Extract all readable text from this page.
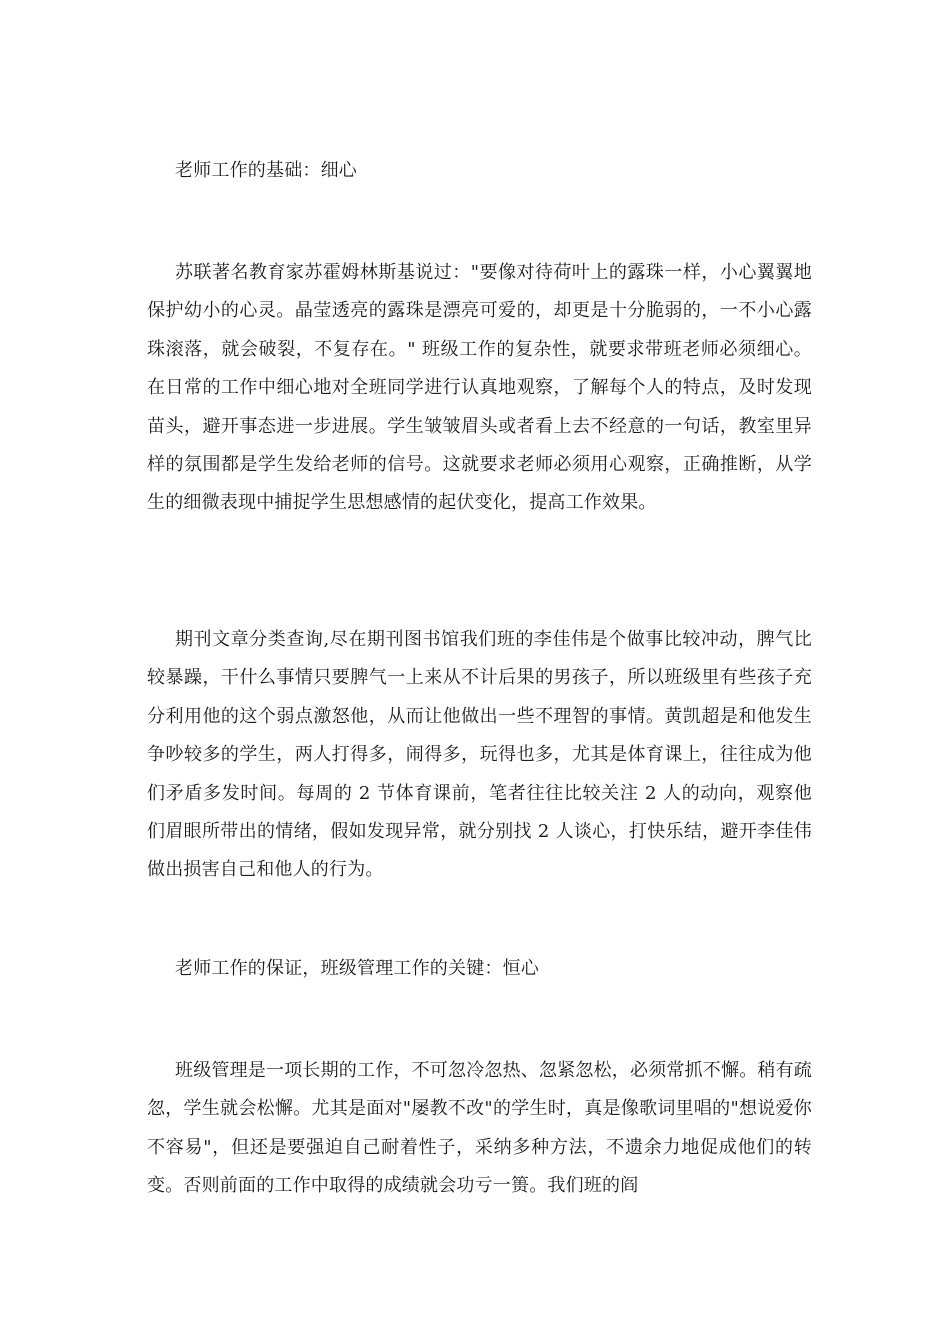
老师工作的基础：细心

苏联著名教育家苏霍姆林斯基说过："要像对待荷叶上的露珠一样，小心翼翼地保护幼小的心灵。晶莹透亮的露珠是漂亮可爱的，却更是十分脆弱的，一不小心露珠滚落，就会破裂，不复存在。" 班级工作的复杂性，就要求带班老师必须细心。在日常的工作中细心地对全班同学进行认真地观察，了解每个人的特点，及时发现苗头，避开事态进一步进展。学生皱皱眉头或者看上去不经意的一句话，教室里异样的氛围都是学生发给老师的信号。这就要求老师必须用心观察，正确推断，从学生的细微表现中捕捉学生思想感情的起伏变化，提高工作效果。

期刊文章分类查询,尽在期刊图书馆我们班的李佳伟是个做事比较冲动，脾气比较暴躁，干什么事情只要脾气一上来从不计后果的男孩子，所以班级里有些孩子充分利用他的这个弱点激怒他，从而让他做出一些不理智的事情。黄凯超是和他发生争吵较多的学生，两人打得多，闹得多，玩得也多，尤其是体育课上，往往成为他们矛盾多发时间。每周的 2 节体育课前，笔者往往比较关注 2 人的动向，观察他们眉眼所带出的情绪，假如发现异常，就分别找 2 人谈心，打快乐结，避开李佳伟做出损害自己和他人的行为。

老师工作的保证，班级管理工作的关键：恒心

班级管理是一项长期的工作，不可忽冷忽热、忽紧忽松，必须常抓不懈。稍有疏忽，学生就会松懈。尤其是面对"屡教不改"的学生时，真是像歌词里唱的"想说爱你不容易"，但还是要强迫自己耐着性子，采纳多种方法，不遗余力地促成他们的转变。否则前面的工作中取得的成绩就会功亏一篑。我们班的阎
